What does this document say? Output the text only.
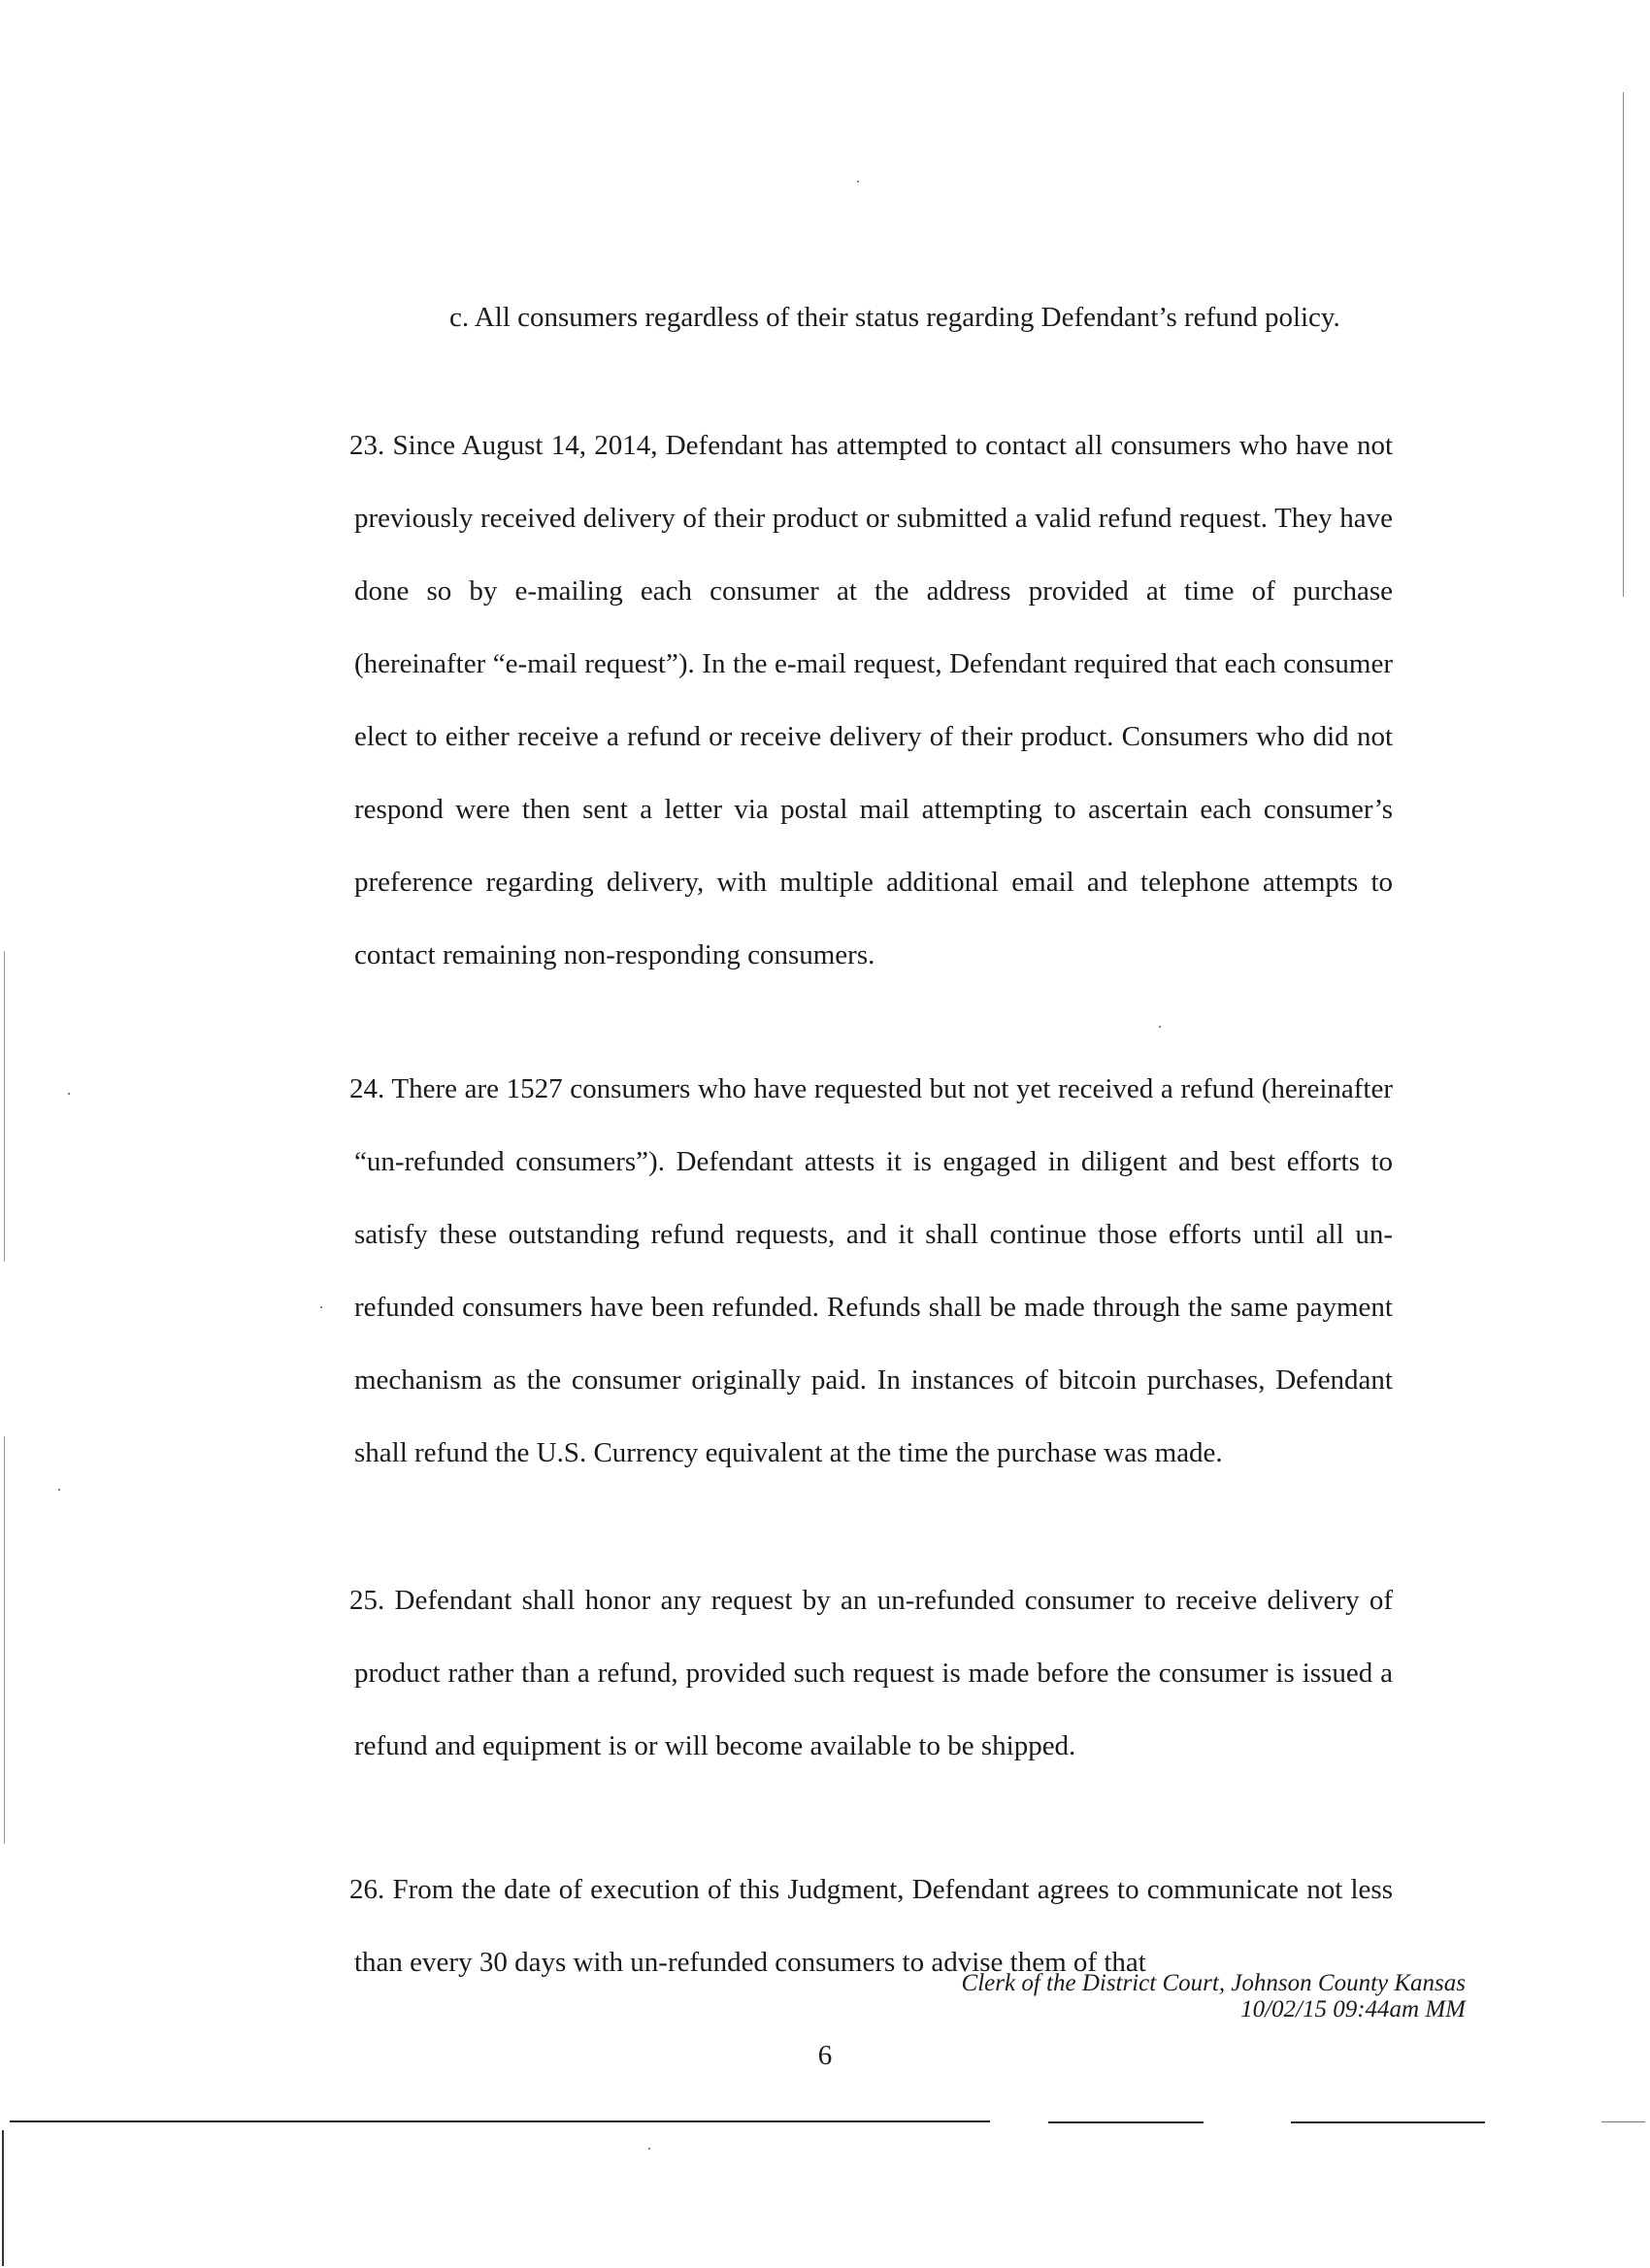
c. All consumers regardless of their status regarding Defendant’s refund policy.
23. Since August 14, 2014, Defendant has attempted to contact all consumers who have not previously received delivery of their product or submitted a valid refund request. They have done so by e-mailing each consumer at the address provided at time of purchase (hereinafter “e-mail request”). In the e-mail request, Defendant required that each consumer elect to either receive a refund or receive delivery of their product. Consumers who did not respond were then sent a letter via postal mail attempting to ascertain each consumer’s preference regarding delivery, with multiple additional email and telephone attempts to contact remaining non-responding consumers.
24. There are 1527 consumers who have requested but not yet received a refund (hereinafter “un-refunded consumers”). Defendant attests it is engaged in diligent and best efforts to satisfy these outstanding refund requests, and it shall continue those efforts until all un-refunded consumers have been refunded. Refunds shall be made through the same payment mechanism as the consumer originally paid. In instances of bitcoin purchases, Defendant shall refund the U.S. Currency equivalent at the time the purchase was made.
25. Defendant shall honor any request by an un-refunded consumer to receive delivery of product rather than a refund, provided such request is made before the consumer is issued a refund and equipment is or will become available to be shipped.
26. From the date of execution of this Judgment, Defendant agrees to communicate not less than every 30 days with un-refunded consumers to advise them of that
Clerk of the District Court, Johnson County Kansas
10/02/15 09:44am MM
6
